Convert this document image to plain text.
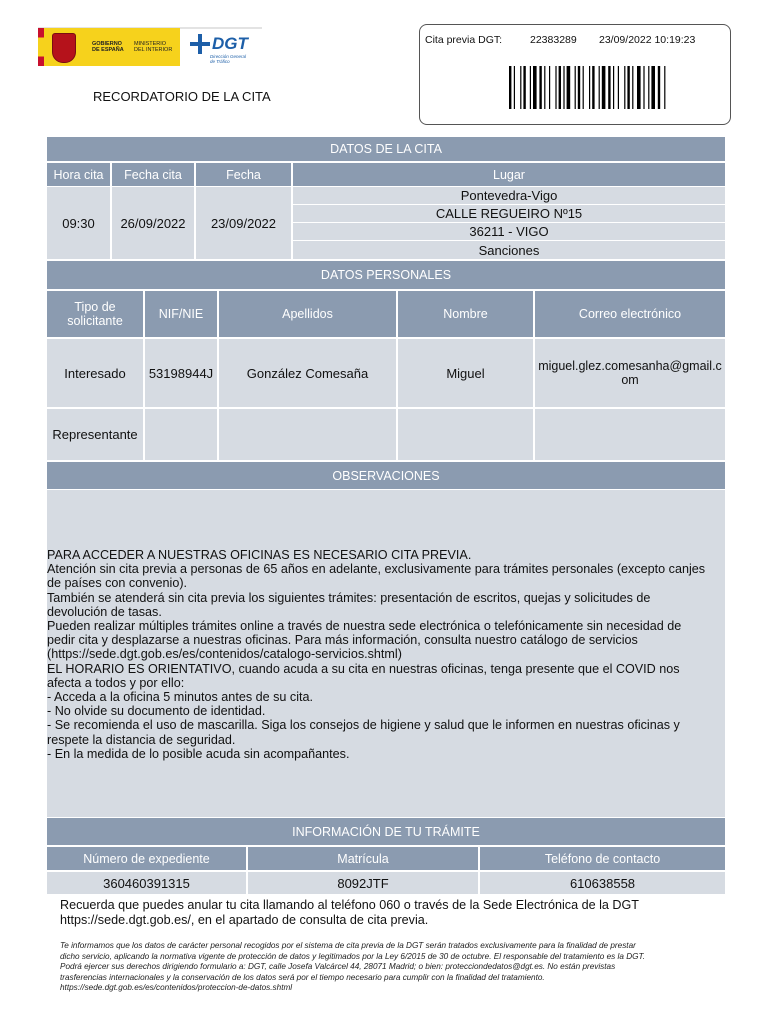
GOBIERNO
DE ESPAÑA
MINISTERIO
DEL INTERIOR DGT
Dirección General
de Tráfico
RECORDATORIO DE LA CITA
Cita previa DGT:	22383289 23/09/2022 10:19:23
DATOS DE LA CITA
Hora cita	Fecha cita	Fecha	Lugar
09:30	26/09/2022	23/09/2022
Pontevedra-Vigo
CALLE REGUEIRO Nº15
36211 - VIGO
Sanciones
DATOS PERSONALES
Tipo de solicitante	NIF/NIE	Apellidos	Nombre	Correo electrónico
Interesado	53198944J	González Comesaña	Miguel	miguel.glez.comesanha@gmail.c
om
Representante
OBSERVACIONES
PARA ACCEDER A NUESTRAS OFICINAS ES NECESARIO CITA PREVIA.
Atención sin cita previa a personas de 65 años en adelante, exclusivamente para trámites personales (excepto canjes
de países con convenio).
También se atenderá sin cita previa los siguientes trámites: presentación de escritos, quejas y solicitudes de
devolución de tasas.
Pueden realizar múltiples trámites online a través de nuestra sede electrónica o telefónicamente sin necesidad de
pedir cita y desplazarse a nuestras oficinas. Para más información, consulta nuestro catálogo de servicios
(https://sede.dgt.gob.es/es/contenidos/catalogo-servicios.shtml)
EL HORARIO ES ORIENTATIVO, cuando acuda a su cita en nuestras oficinas, tenga presente que el COVID nos
afecta a todos y por ello:
- Acceda a la oficina 5 minutos antes de su cita.
- No olvide su documento de identidad.
- Se recomienda el uso de mascarilla. Siga los consejos de higiene y salud que le informen en nuestras oficinas y
respete la distancia de seguridad.
- En la medida de lo posible acuda sin acompañantes.
INFORMACIÓN DE TU TRÁMITE
Número de expediente	Matrícula	Teléfono de contacto
360460391315	8092JTF	610638558
Recuerda que puedes anular tu cita llamando al teléfono 060 o través de la Sede Electrónica de la DGT
https://sede.dgt.gob.es/, en el apartado de consulta de cita previa.
Te informamos que los datos de carácter personal recogidos por el sistema de cita previa de la DGT serán tratados exclusivamente para la finalidad de prestar
dicho servicio, aplicando la normativa vigente de protección de datos y legitimados por la Ley 6/2015 de 30 de octubre. El responsable del tratamiento es la DGT.
Podrá ejercer sus derechos dirigiendo formulario a: DGT, calle Josefa Valcárcel 44, 28071 Madrid; o bien: protecciondedatos@dgt.es. No están previstas
trasferencias internacionales y la conservación de los datos será por el tiempo necesario para cumplir con la finalidad del tratamiento.
https://sede.dgt.gob.es/es/contenidos/proteccion-de-datos.shtml
